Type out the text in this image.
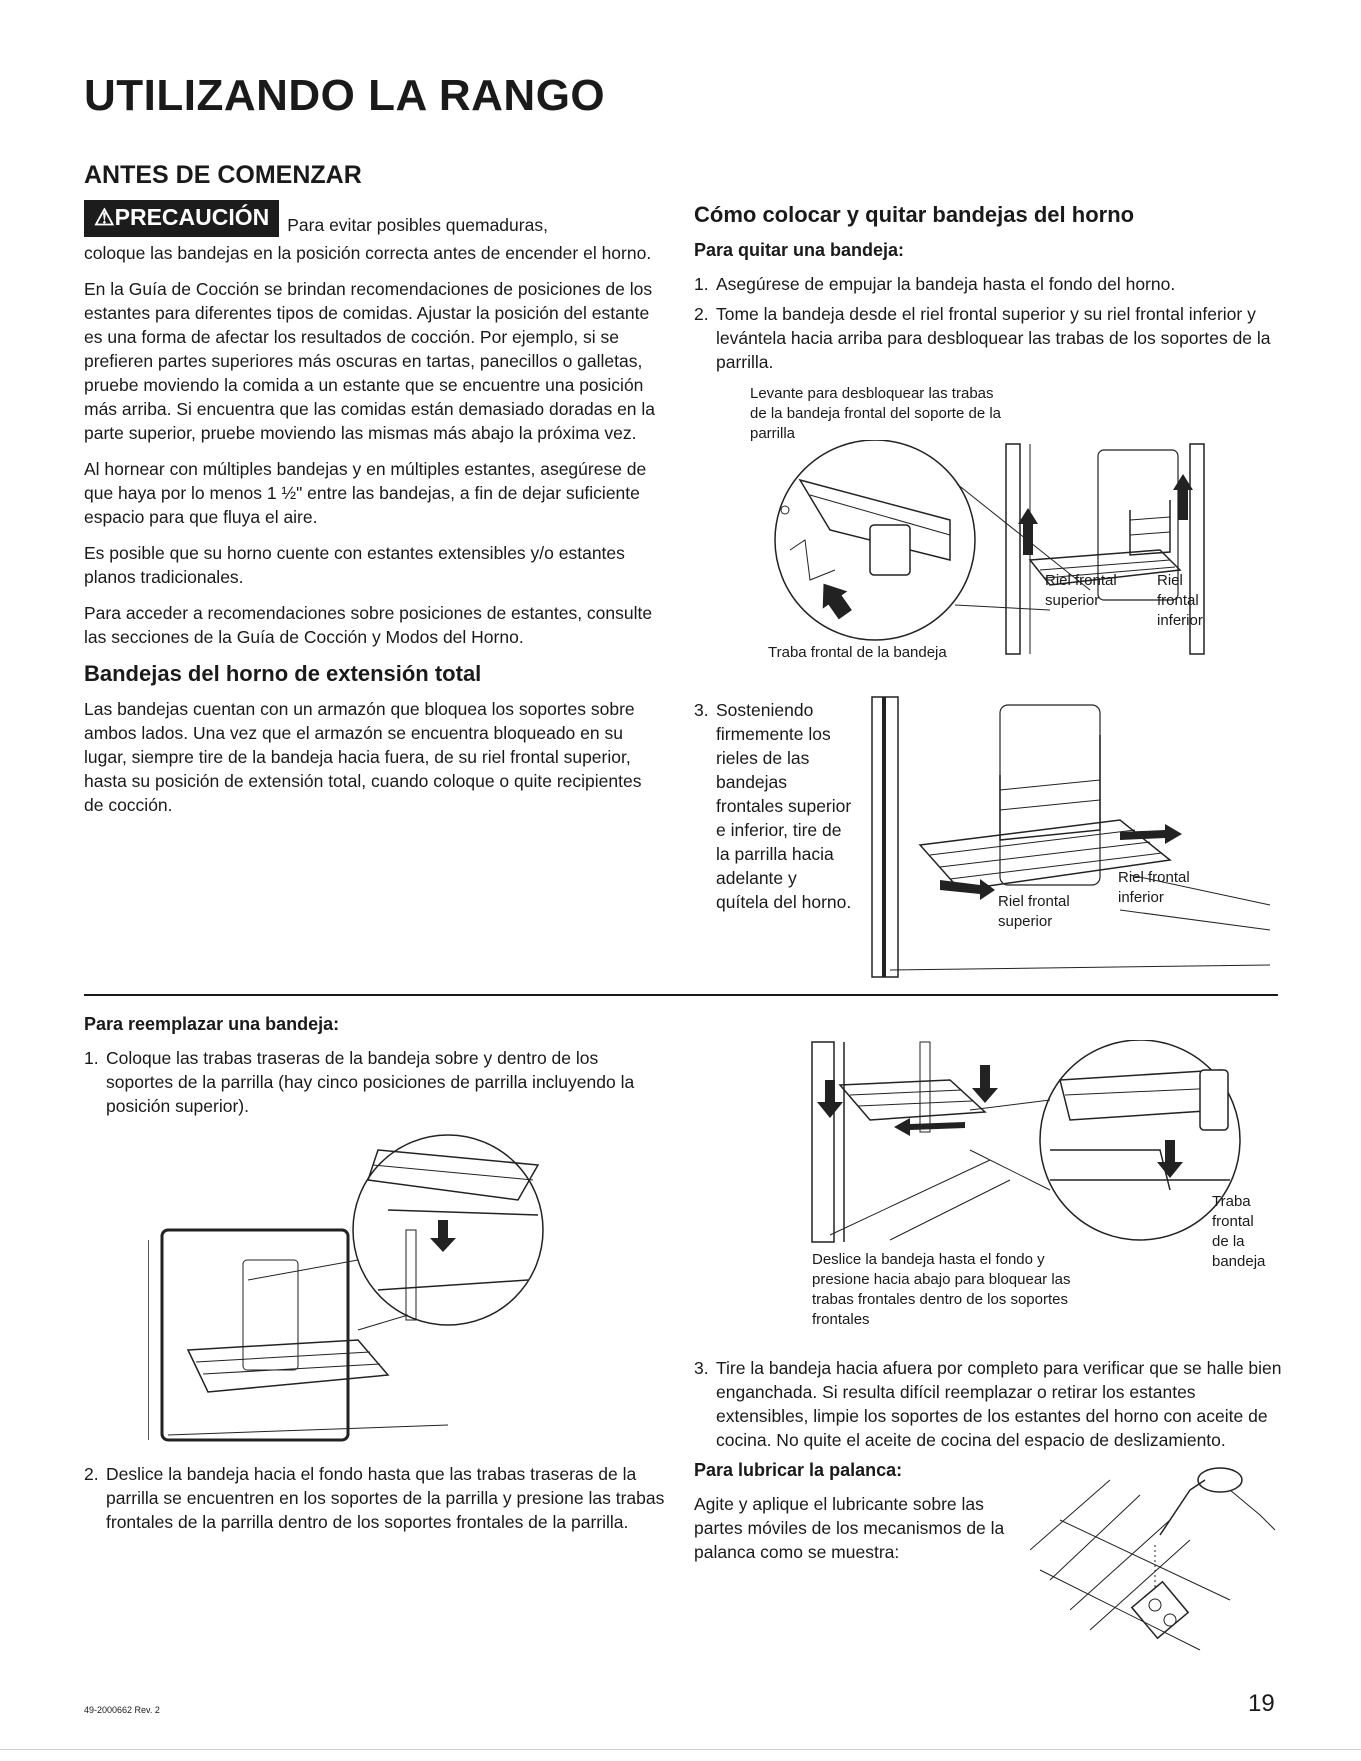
UTILIZANDO LA RANGO
ANTES DE COMENZAR
⚠PRECAUCIÓN	Para evitar posibles quemaduras,

coloque las bandejas en la posición correcta antes de encender el horno.

En la Guía de Cocción se brindan recomendaciones de posiciones de los estantes para diferentes tipos de comidas. Ajustar la posición del estante es una forma de afectar los resultados de cocción. Por ejemplo, si se prefieren partes superiores más oscuras en tartas, panecillos o galletas, pruebe moviendo la comida a un estante que se encuentre una posición más arriba. Si encuentra que las comidas están demasiado doradas en la parte superior, pruebe moviendo las mismas más abajo la próxima vez.

Al hornear con múltiples bandejas y en múltiples estantes, asegúrese de que haya por lo menos 1 ½" entre las bandejas, a fin de dejar suficiente espacio para que fluya el aire.

Es posible que su horno cuente con estantes extensibles y/o estantes planos tradicionales.

Para acceder a recomendaciones sobre posiciones de estantes, consulte las secciones de la Guía de Cocción y Modos del Horno.

Bandejas del horno de extensión total

Las bandejas cuentan con un armazón que bloquea los soportes sobre ambos lados. Una vez que el armazón se encuentra bloqueado en su lugar, siempre tire de la bandeja hacia fuera, de su riel frontal superior, hasta su posición de extensión total, cuando coloque o quite recipientes de cocción.

Cómo colocar y quitar bandejas del horno

Para quitar una bandeja:

1. Asegúrese de empujar la bandeja hasta el fondo del horno.
2. Tome la bandeja desde el riel frontal superior y su riel frontal inferior y levántela hacia arriba para desbloquear las trabas de los soportes de la parrilla.
Levante para desbloquear las trabas de la bandeja frontal del soporte de la parrilla
Riel frontal superior
Riel frontal inferior
Traba frontal de la bandeja
3. Sosteniendo firmemente los rieles de las bandejas frontales superior e inferior, tire de la parrilla hacia adelante y quítela del horno.
Riel frontal inferior
Riel frontal superior

Para reemplazar una bandeja:

1. Coloque las trabas traseras de la bandeja sobre y dentro de los soportes de la parrilla (hay cinco posiciones de parrilla incluyendo la posición superior).
2. Deslice la bandeja hacia el fondo hasta que las trabas traseras de la parrilla se encuentren en los soportes de la parrilla y presione las trabas frontales de la parrilla dentro de los soportes frontales de la parrilla.
Deslice la bandeja hasta el fondo y presione hacia abajo para bloquear las trabas frontales dentro de los soportes frontales
Traba frontal de la bandeja
3. Tire la bandeja hacia afuera por completo para verificar que se halle bien enganchada. Si resulta difícil reemplazar o retirar los estantes extensibles, limpie los soportes de los estantes del horno con aceite de cocina. No quite el aceite de cocina del espacio de deslizamiento.

Para lubricar la palanca:

Agite y aplique el lubricante sobre las partes móviles de los mecanismos de la palanca como se muestra:

49-2000662 Rev. 2	19
